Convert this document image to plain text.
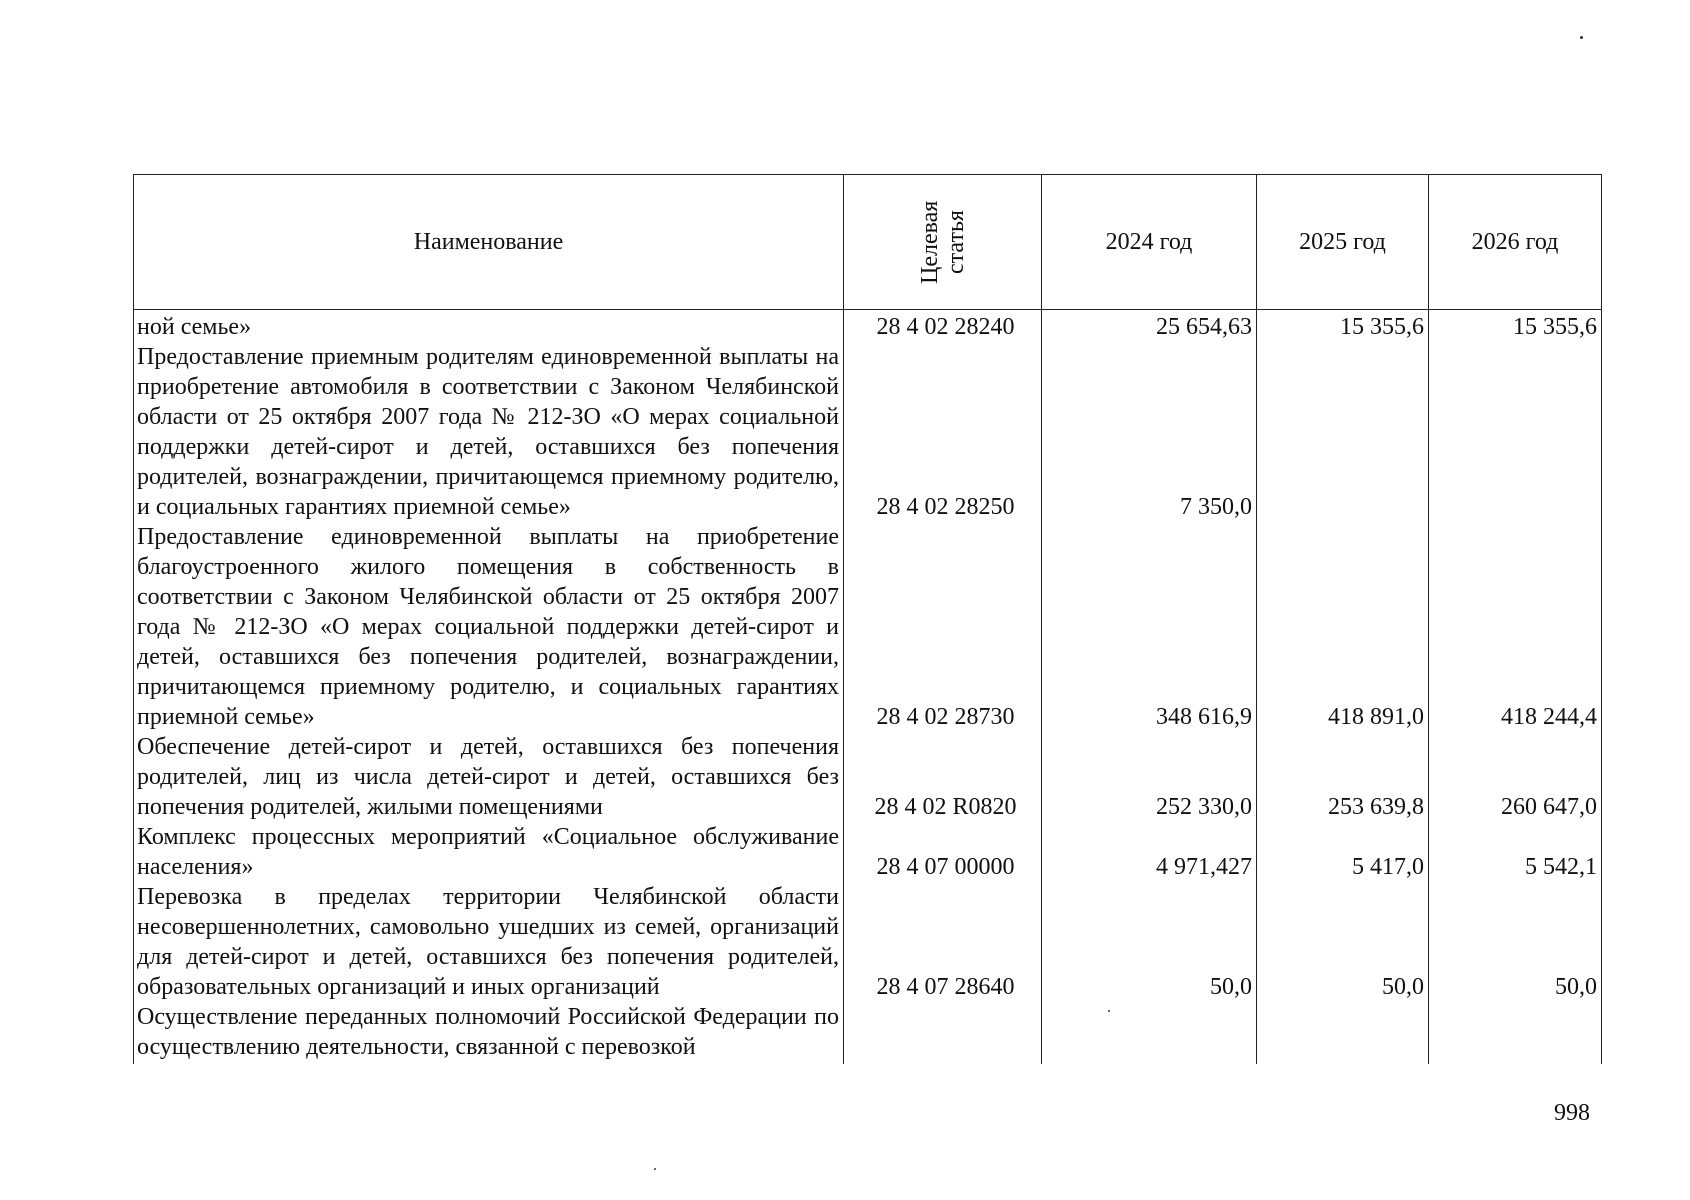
Наименование	Целевая статья	2024 год	2025 год	2026 год
ной семье»	28 4 02 28240	25 654,63	15 355,6	15 355,6
Предоставление приемным родителям единовременной выплаты на приобретение автомобиля в соответствии с Законом Челябинской области от 25 октября 2007 года № 212-ЗО «О мерах социальной поддержки детей-сирот и детей, оставшихся без попечения родителей, вознаграждении, причитающемся приемному родителю, и социальных гарантиях приемной семье»	28 4 02 28250	7 350,0		
Предоставление единовременной выплаты на приобретение благоустроенного жилого помещения в собственность в соответствии с Законом Челябинской области от 25 октября 2007 года № 212-ЗО «О мерах социальной поддержки детей-сирот и детей, оставшихся без попечения родителей, вознаграждении, причитающемся приемному родителю, и социальных гарантиях приемной семье»	28 4 02 28730	348 616,9	418 891,0	418 244,4
Обеспечение детей-сирот и детей, оставшихся без попечения родителей, лиц из числа детей-сирот и детей, оставшихся без попечения родителей, жилыми помещениями	28 4 02 R0820	252 330,0	253 639,8	260 647,0
Комплекс процессных мероприятий «Социальное обслуживание населения»	28 4 07 00000	4 971,427	5 417,0	5 542,1
Перевозка в пределах территории Челябинской области несовершеннолетних, самовольно ушедших из семей, организаций для детей-сирот и детей, оставшихся без попечения родителей, образовательных организаций и иных организаций	28 4 07 28640	50,0	50,0	50,0
Осуществление переданных полномочий Российской Федерации по осуществлению деятельности, связанной с перевозкой				
998
